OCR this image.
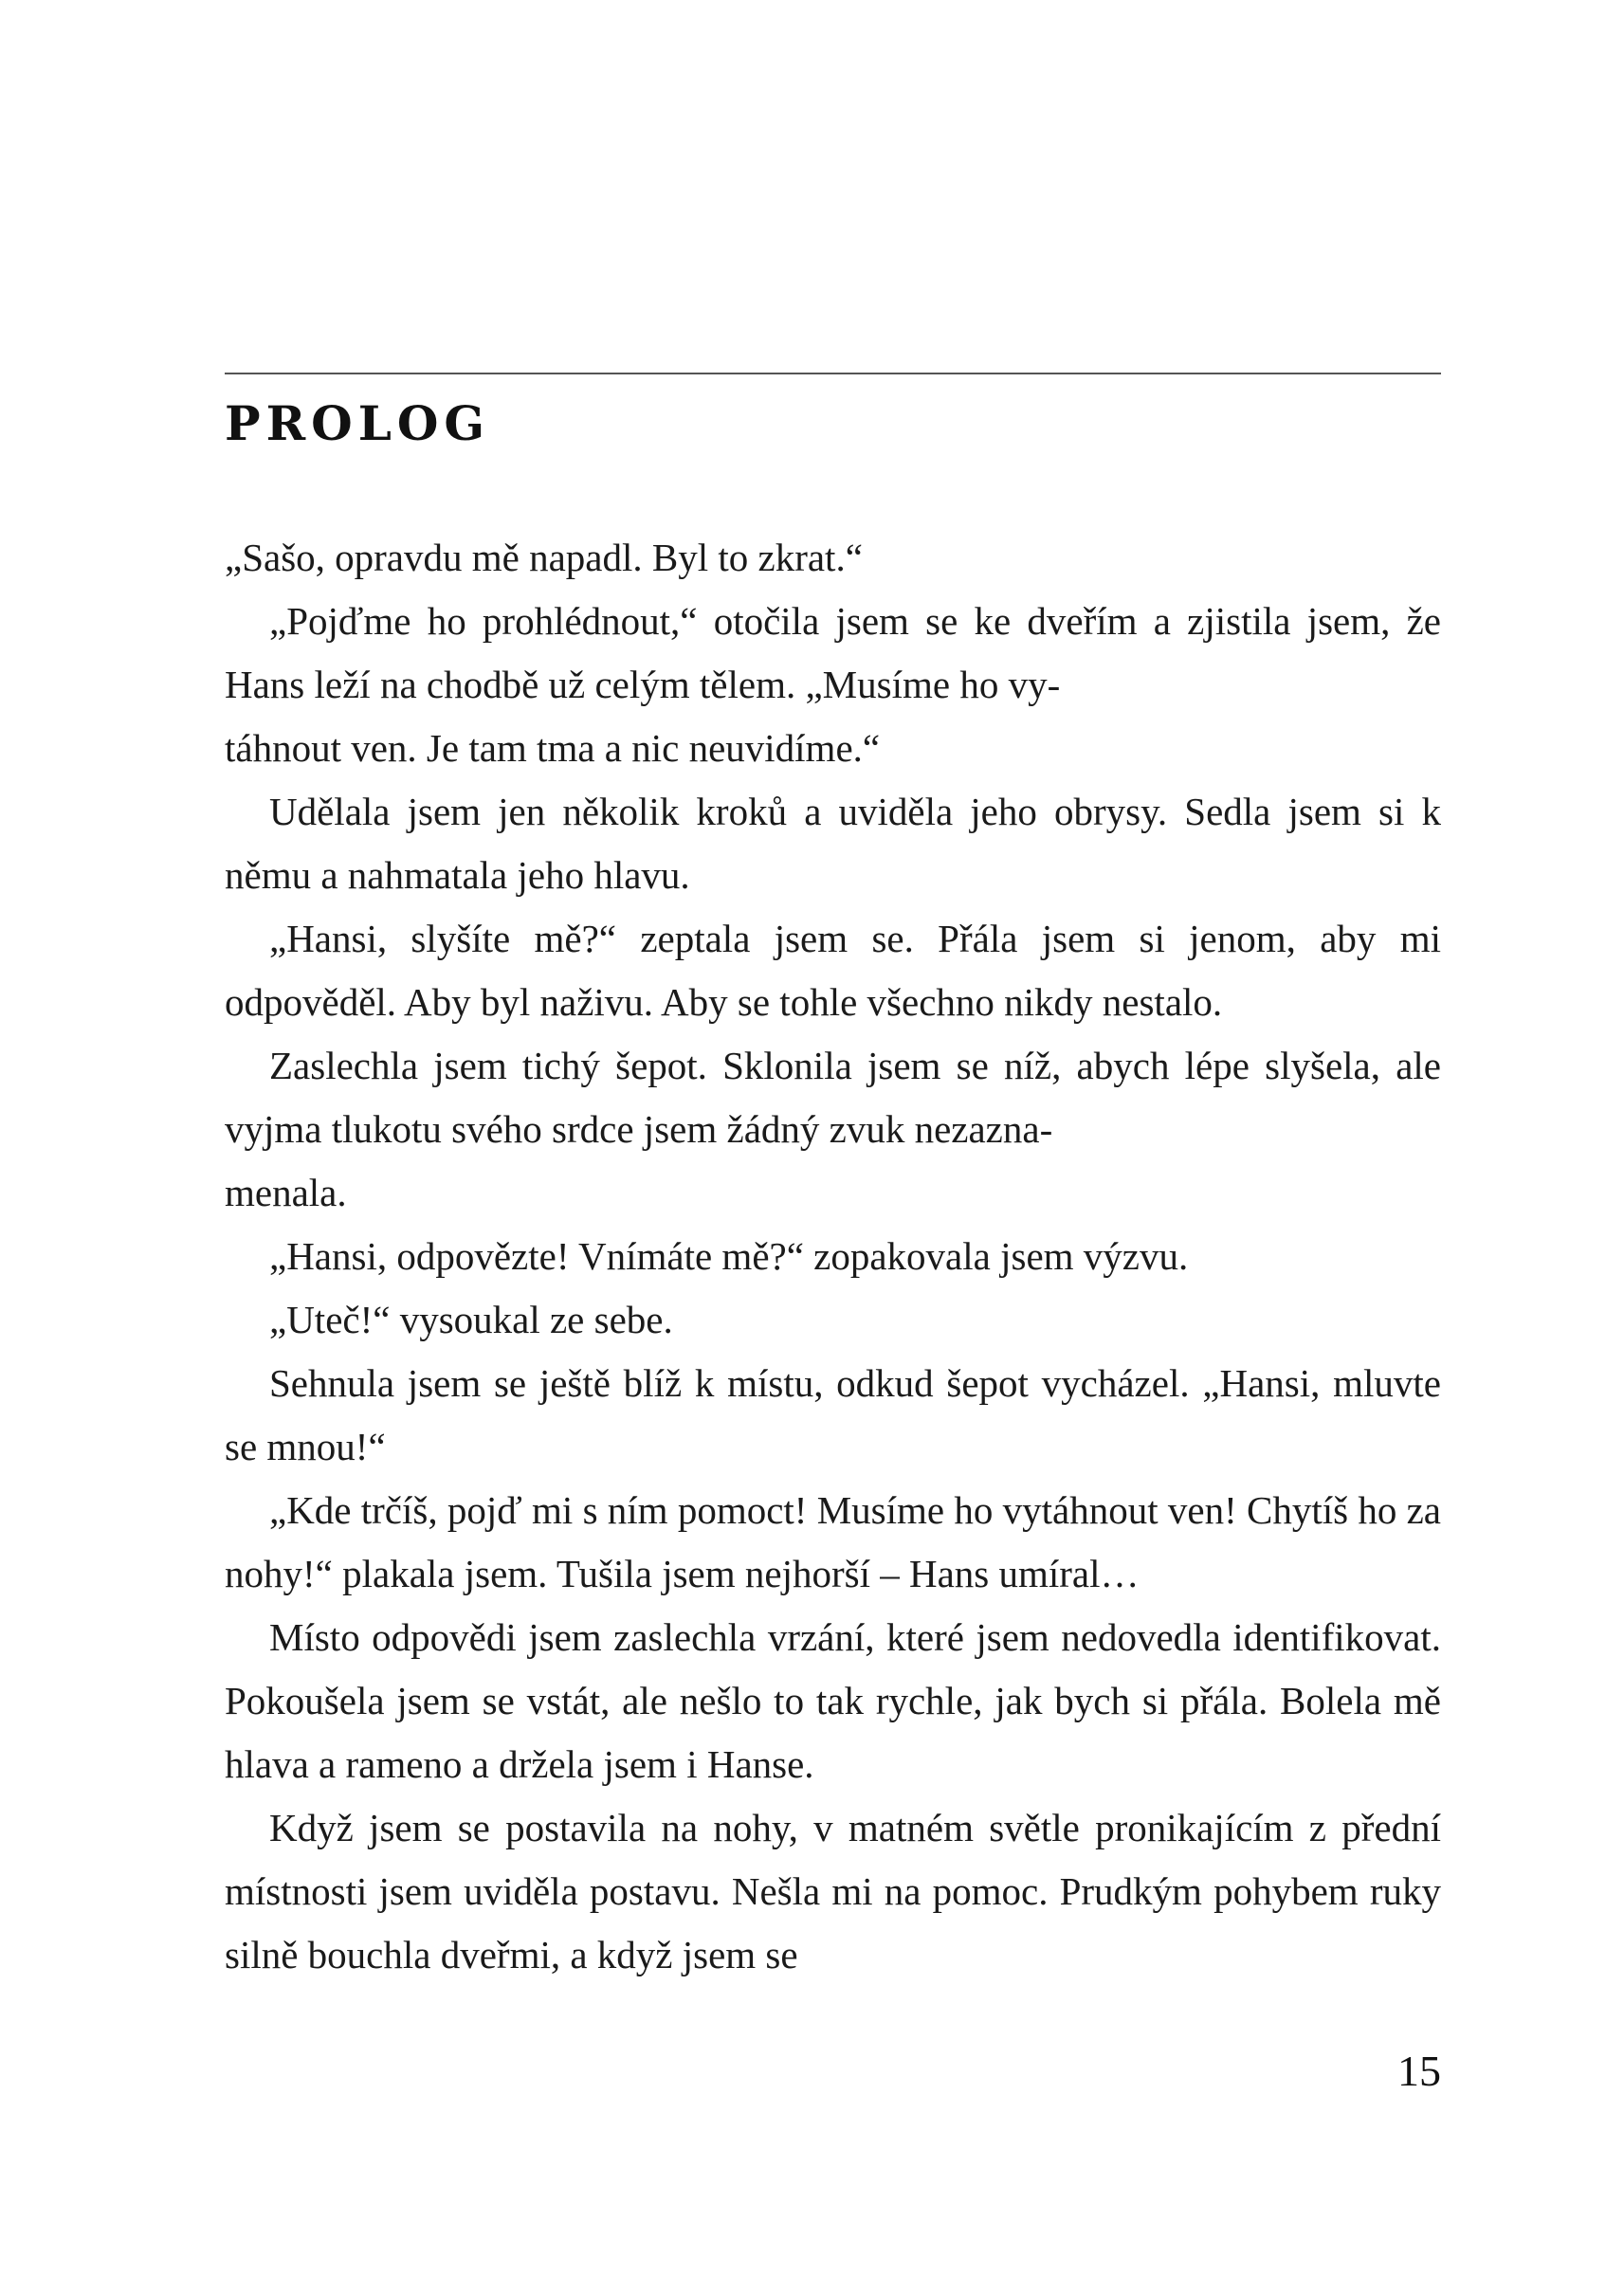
PROLOG

„Sašo, opravdu mě napadl. Byl to zkrat.“

„Pojďme ho prohlédnout,“ otočila jsem se ke dveřím a zjistila jsem, že Hans leží na chodbě už celým tělem. „Musíme ho vy-
táhnout ven. Je tam tma a nic neuvidíme.“

Udělala jsem jen několik kroků a uviděla jeho obrysy. Sedla jsem si k němu a nahmatala jeho hlavu.

„Hansi, slyšíte mě?“ zeptala jsem se. Přála jsem si jenom, aby mi odpověděl. Aby byl naživu. Aby se tohle všechno nikdy nestalo.

Zaslechla jsem tichý šepot. Sklonila jsem se níž, abych lépe slyšela, ale vyjma tlukotu svého srdce jsem žádný zvuk nezazna-
menala.

„Hansi, odpovězte! Vnímáte mě?“ zopakovala jsem výzvu.

„Uteč!“ vysoukal ze sebe.

Sehnula jsem se ještě blíž k místu, odkud šepot vycházel. „Hansi, mluvte se mnou!“

„Kde trčíš, pojď mi s ním pomoct! Musíme ho vytáhnout ven! Chytíš ho za nohy!“ plakala jsem. Tušila jsem nejhorší – Hans umíral…

Místo odpovědi jsem zaslechla vrzání, které jsem nedovedla identifikovat. Pokoušela jsem se vstát, ale nešlo to tak rychle, jak bych si přála. Bolela mě hlava a rameno a držela jsem i Hanse.

Když jsem se postavila na nohy, v matném světle pronikajícím z přední místnosti jsem uviděla postavu. Nešla mi na pomoc. Prudkým pohybem ruky silně bouchla dveřmi, a když jsem se

15
